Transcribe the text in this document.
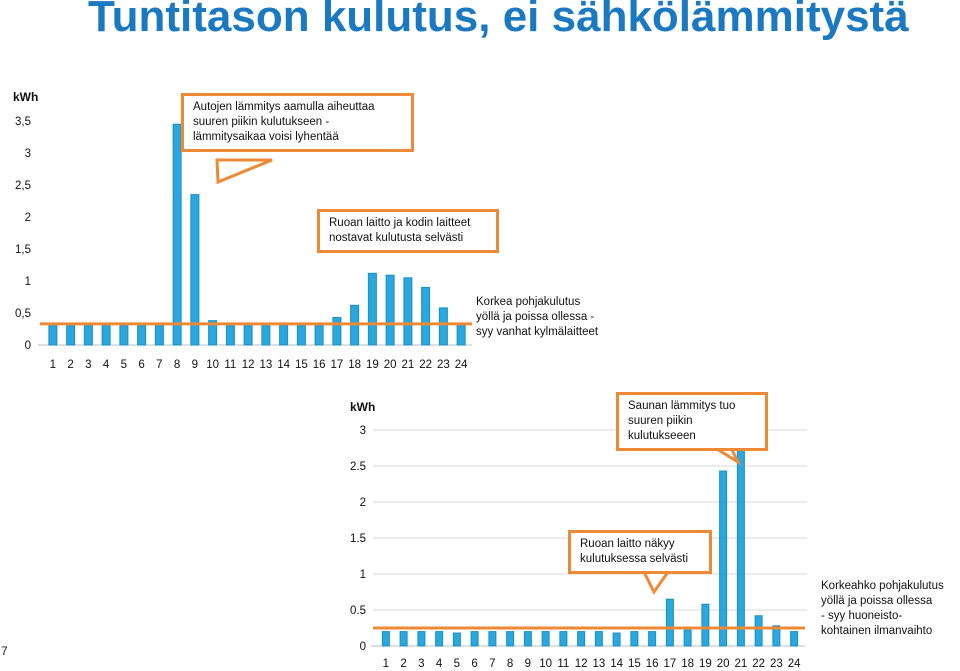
Tuntitason kulutus, ei sähkölämmitystä
7
0
0,5
1
1,5
2
2,5
3
3,5
kWh
1 2 3 4 5 6 7 8 9 10 11 12 13 14 15 16 17 18 19 20 21 22 23 24
0
0.5
1
1.5
2
2.5
3
kWh
1 2 3 4 5 6 7 8 9 10 11 12 13 14 15 16 17 18 19 20 21 22 23 24
Autojen lämmitys aamulla aiheuttaa
suuren piikin kulutukseen -
lämmitysaikaa voisi lyhentää
Ruoan laitto ja kodin laitteet
nostavat kulutusta selvästi
Korkea pohjakulutus
yöllä ja poissa ollessa -
syy vanhat kylmälaitteet
Saunan lämmitys tuo
suuren piikin
kulutukseeen
Ruoan laitto näkyy
kulutuksessa selvästi
Korkeahko pohjakulutus
yöllä ja poissa ollessa
- syy huoneisto-
kohtainen ilmanvaihto
